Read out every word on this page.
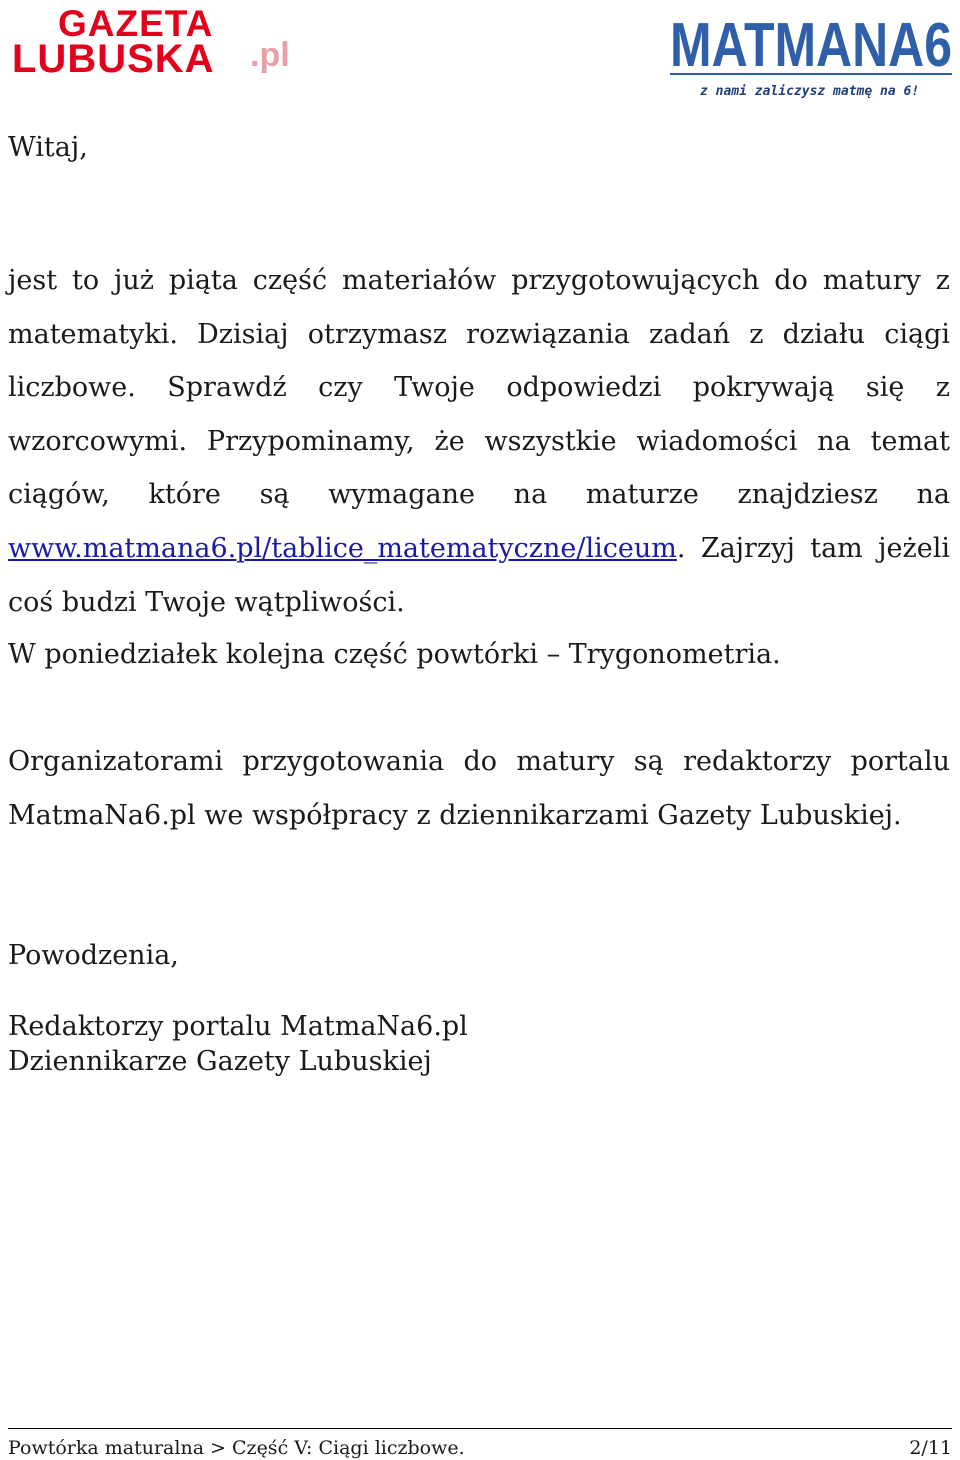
GAZETA
LUBUSKA .pl	MATMANA6
z nami zaliczysz matmę na 6!
Witaj,
jest to już piąta część materiałów przygotowujących do matury z matematyki. Dzisiaj otrzymasz rozwiązania zadań z działu ciągi liczbowe. Sprawdź czy Twoje odpowiedzi pokrywają się z wzorcowymi. Przypominamy, że wszystkie wiadomości na temat ciągów, które są wymagane na maturze znajdziesz na www.matmana6.pl/tablice_matematyczne/liceum. Zajrzyj tam jeżeli coś budzi Twoje wątpliwości.
W poniedziałek kolejna część powtórki – Trygonometria.
Organizatorami przygotowania do matury są redaktorzy portalu MatmaNa6.pl we współpracy z dziennikarzami Gazety Lubuskiej.
Powodzenia,
Redaktorzy portalu MatmaNa6.pl
Dziennikarze Gazety Lubuskiej
Powtórka maturalna > Część V: Ciągi liczbowe.	2/11
